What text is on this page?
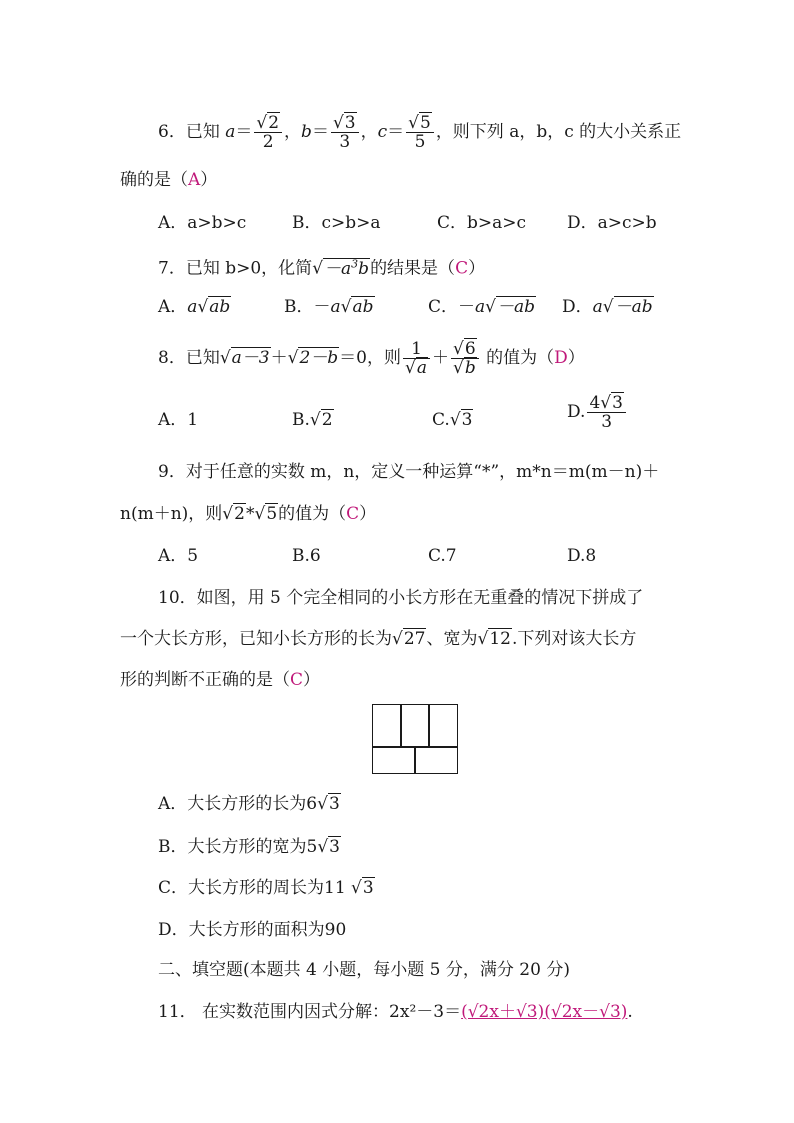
6．已知 $a= \frac{√2}{2}$ ，$b= \frac{√3}{3}$ ，$c= \frac{√5}{5}$ ，则下列 a，b，c 的大小关系正
确的是（A）
A．a>b>c	B．c>b>a	C．b>a>c D．a>c>b
7．已知 b>0，化简$√-a^3b$的结果是（C）
A．a√ab	B．－a√ab	C．－a√－ab D．a√－ab
8．已知√a－3＋√2－b＝0，则 $\frac{1}{√a} + \frac{√6}{√b}$ 的值为（D）
A．1	B.√2	C.√3	D. $\frac{4√3}{3}$
9．对于任意的实数 m，n，定义一种运算“*”，m*n＝m(m－n)＋
n(m＋n)，则√2*√5的值为（C）
A．5	B.6	C.7	D.8
10．如图，用 5 个完全相同的小长方形在无重叠的情况下拼成了
一个大长方形，已知小长方形的长为√27、宽为√12.下列对该大长方
形的判断不正确的是（C）
A．大长方形的长为6√3
B．大长方形的宽为5√3
C．大长方形的周长为11 √3
D．大长方形的面积为90
二、填空题(本题共 4 小题，每小题 5 分，满分 20 分)
11． 在实数范围内因式分解：2x²－3＝(√2x＋√3)(√2x－√3).
